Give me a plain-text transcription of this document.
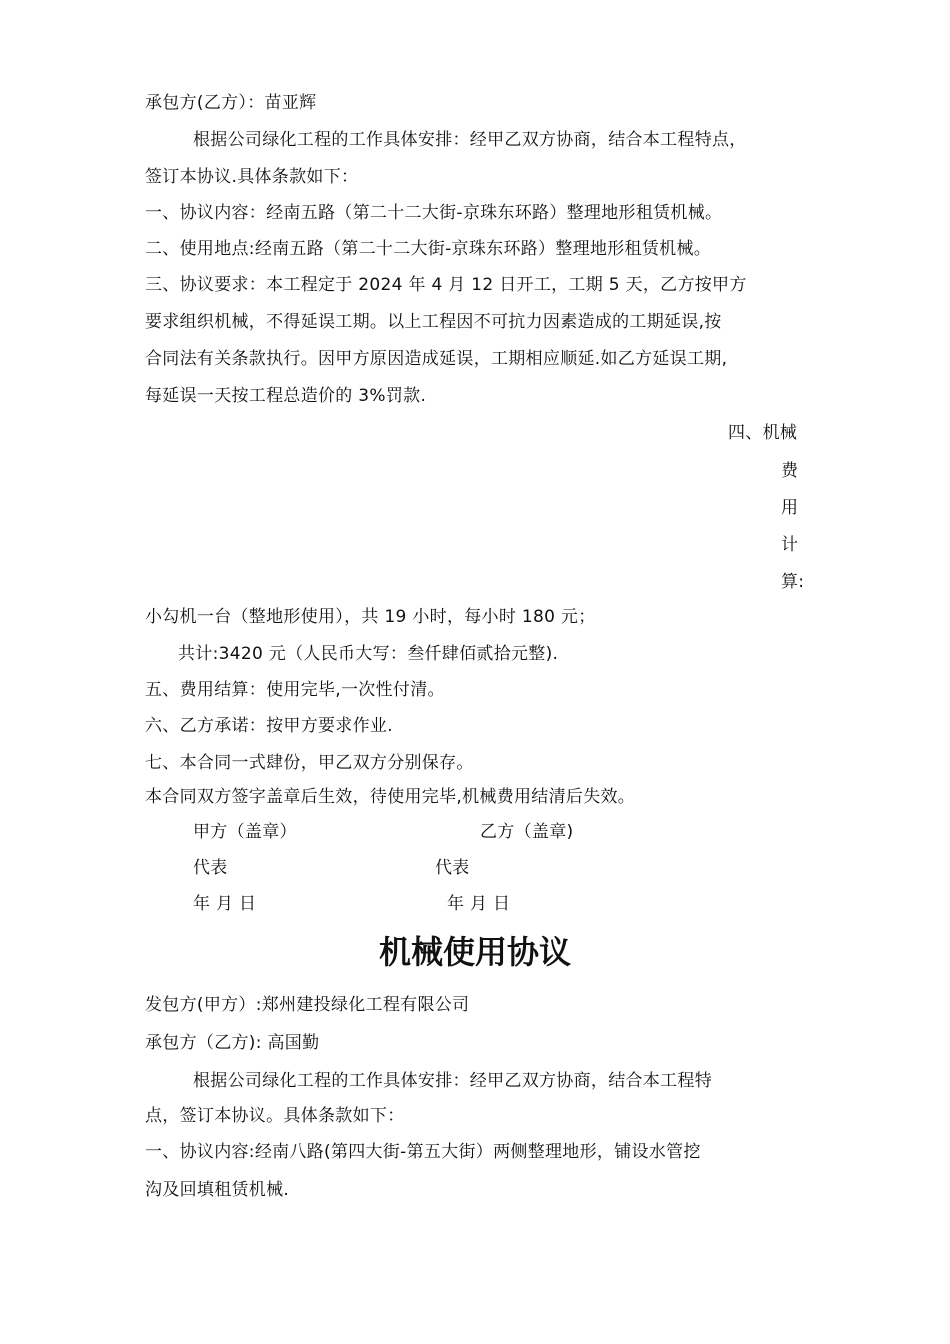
承包方(乙方）：苗亚辉
根据公司绿化工程的工作具体安排：经甲乙双方协商，结合本工程特点，
签订本协议.具体条款如下：
一、协议内容：经南五路（第二十二大街-京珠东环路）整理地形租赁机械。
二、使用地点:经南五路（第二十二大街-京珠东环路）整理地形租赁机械。
三、协议要求：本工程定于 2024 年 4 月 12 日开工，工期 5 天，乙方按甲方
要求组织机械，不得延误工期。以上工程因不可抗力因素造成的工期延误,按
合同法有关条款执行。因甲方原因造成延误，工期相应顺延.如乙方延误工期,
每延误一天按工程总造价的 3%罚款.
四、机械
费
用
计
算:
小勾机一台（整地形使用），共 19 小时，每小时 180 元；
共计:3420 元（人民币大写：叁仟肆佰贰拾元整).
五、费用结算：使用完毕,一次性付清。
六、乙方承诺：按甲方要求作业.
七、本合同一式肆份，甲乙双方分别保存。
本合同双方签字盖章后生效，待使用完毕,机械费用结清后失效。
甲方（盖章）	乙方（盖章)
代表	代表
年 月 日	年 月 日
机械使用协议
发包方(甲方）:郑州建投绿化工程有限公司
承包方（乙方): 高国勤
根据公司绿化工程的工作具体安排：经甲乙双方协商，结合本工程特
点，签订本协议。具体条款如下：
一、协议内容:经南八路(第四大街-第五大街）两侧整理地形，铺设水管挖
沟及回填租赁机械.
